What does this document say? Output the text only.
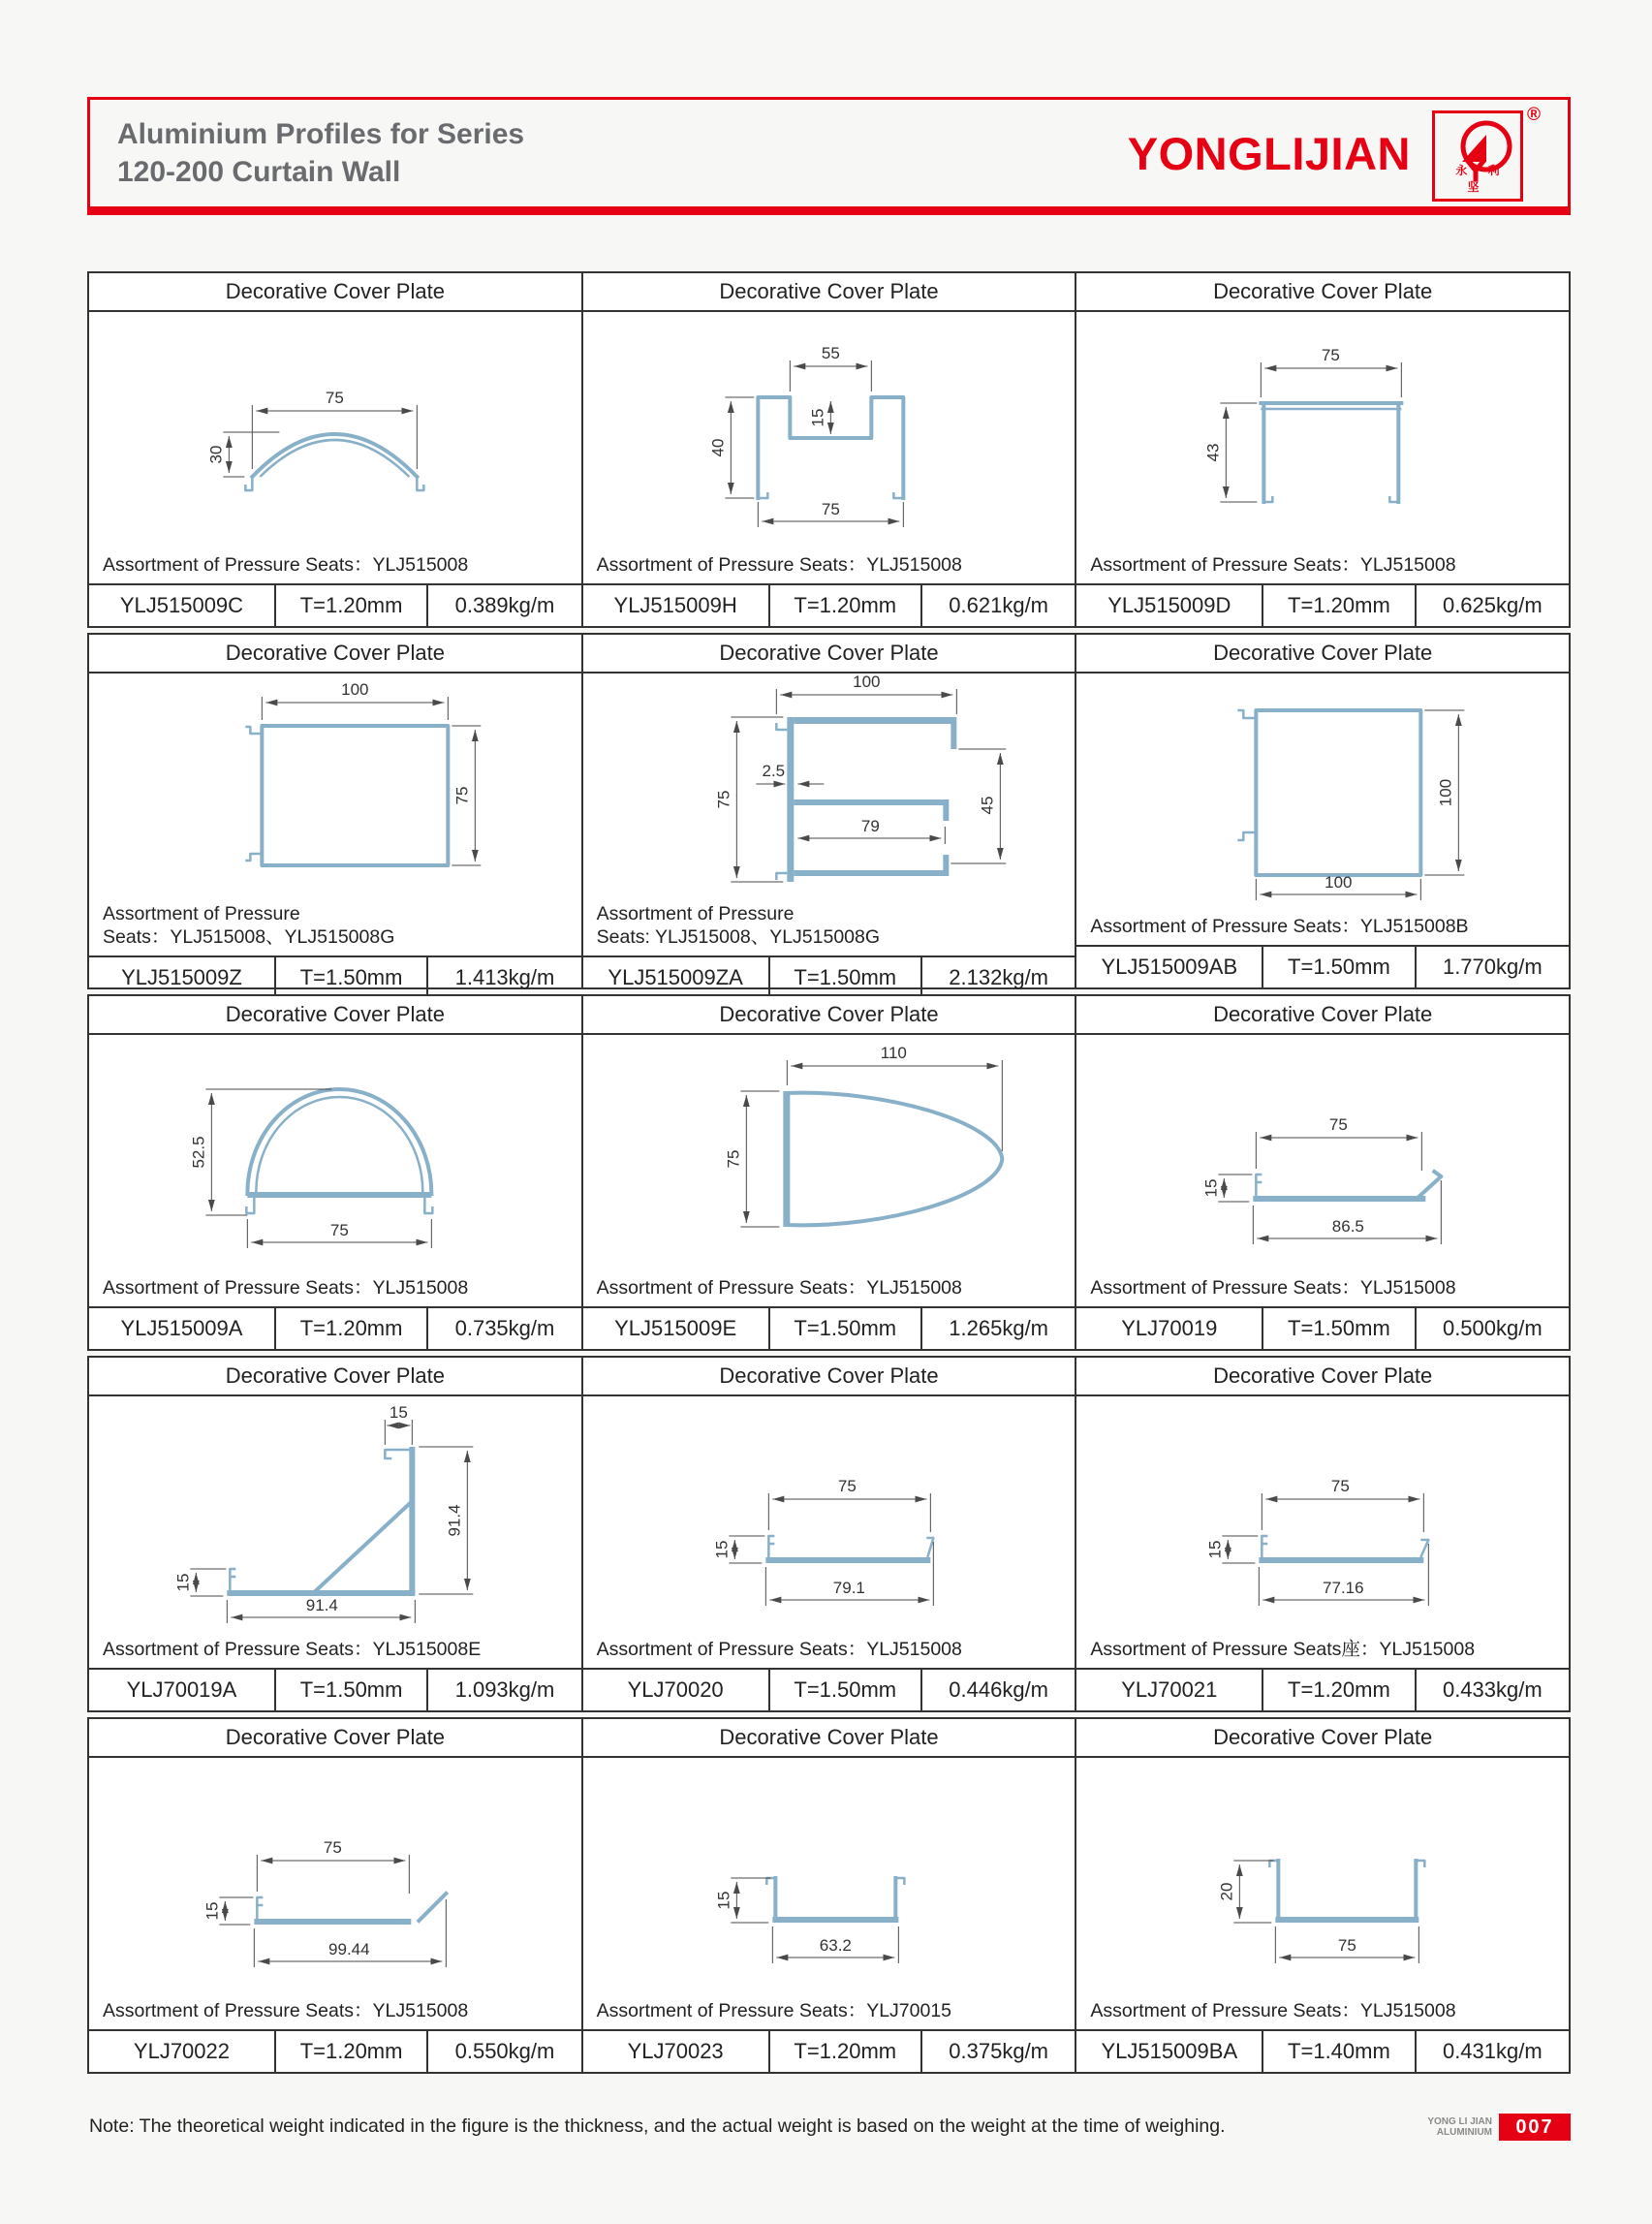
Aluminium Profiles for Series
120-200 Curtain Wall	YONGLIJIAN	永 利 坚
®
Decorative Cover Plate
75
30
Assortment of Pressure Seats：YLJ515008
YLJ515009C	T=1.20mm	0.389kg/m
Decorative Cover Plate
55
40
15
75
Assortment of Pressure Seats：YLJ515008
YLJ515009H	T=1.20mm	0.621kg/m
Decorative Cover Plate
75
43
Assortment of Pressure Seats：YLJ515008
YLJ515009D	T=1.20mm	0.625kg/m
Decorative Cover Plate
100
75
Assortment of Pressure
Seats：YLJ515008、YLJ515008G
YLJ515009Z	T=1.50mm	1.413kg/m
Decorative Cover Plate
100
75
2.5
79
45
Assortment of Pressure
Seats: YLJ515008、YLJ515008G
YLJ515009ZA	T=1.50mm	2.132kg/m
Decorative Cover Plate
100
100
Assortment of Pressure Seats：YLJ515008B
YLJ515009AB	T=1.50mm	1.770kg/m
Decorative Cover Plate
52.5
75
Assortment of Pressure Seats：YLJ515008
YLJ515009A	T=1.20mm	0.735kg/m
Decorative Cover Plate
110
75
Assortment of Pressure Seats：YLJ515008
YLJ515009E	T=1.50mm	1.265kg/m
Decorative Cover Plate
75
15
86.5
Assortment of Pressure Seats：YLJ515008
YLJ70019	T=1.50mm	0.500kg/m
Decorative Cover Plate
15
91.4
15
91.4
Assortment of Pressure Seats：YLJ515008E
YLJ70019A	T=1.50mm	1.093kg/m
Decorative Cover Plate
75
15
79.1
Assortment of Pressure Seats：YLJ515008
YLJ70020	T=1.50mm	0.446kg/m
Decorative Cover Plate
75
15
77.16
Assortment of Pressure Seats座：YLJ515008
YLJ70021	T=1.20mm	0.433kg/m
Decorative Cover Plate
75
15
99.44
Assortment of Pressure Seats：YLJ515008
YLJ70022	T=1.20mm	0.550kg/m
Decorative Cover Plate
15
63.2
Assortment of Pressure Seats：YLJ70015
YLJ70023	T=1.20mm	0.375kg/m
Decorative Cover Plate
20
75
Assortment of Pressure Seats：YLJ515008
YLJ515009BA	T=1.40mm	0.431kg/m
Note: The theoretical weight indicated in the figure is the thickness, and the actual weight is based on the weight at the time of weighing.	YONG LI JIAN
ALUMINIUM	007
